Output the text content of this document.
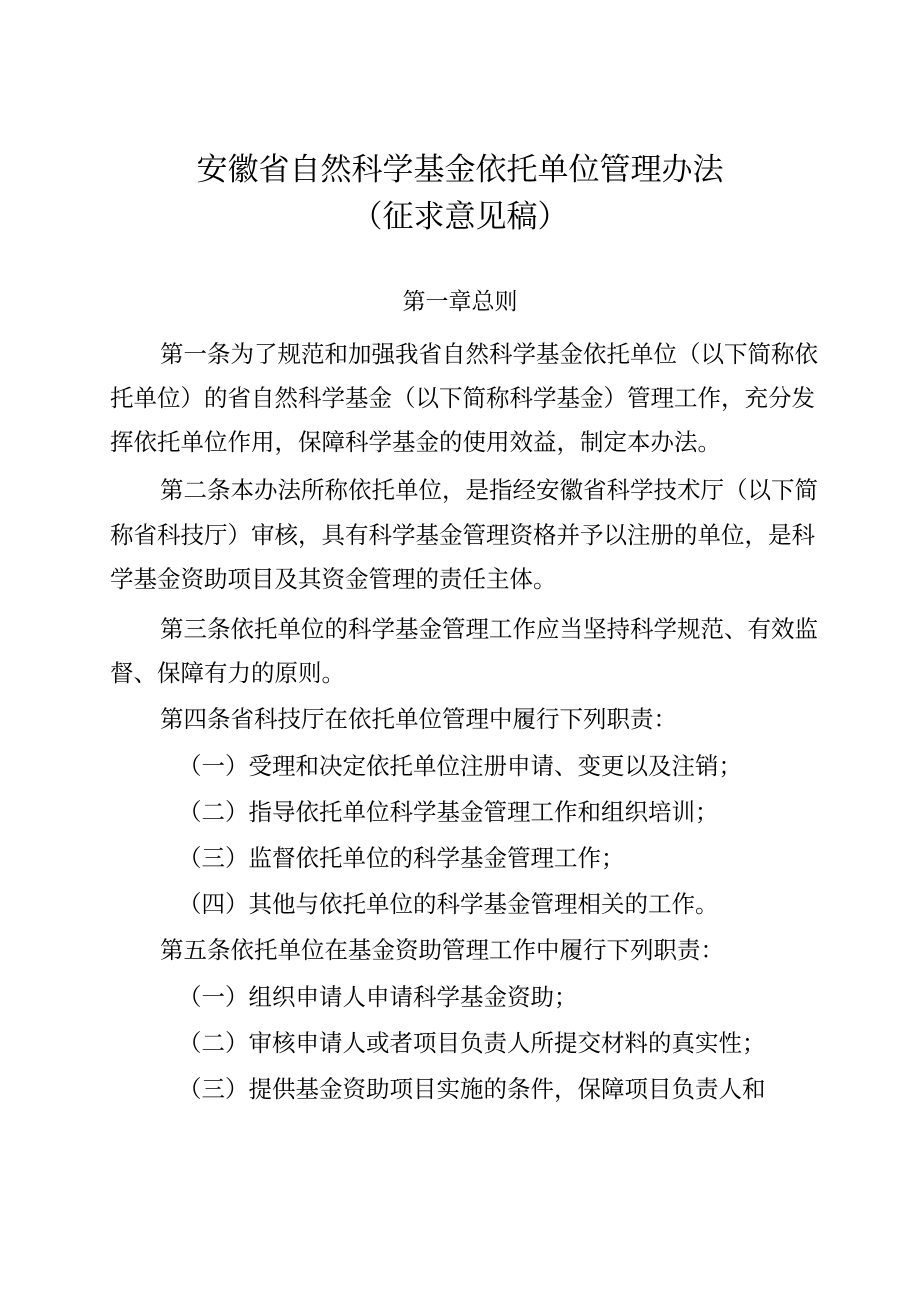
安徽省自然科学基金依托单位管理办法
（征求意见稿）
第一章总则
第一条为了规范和加强我省自然科学基金依托单位（以下简称依
托单位）的省自然科学基金（以下简称科学基金）管理工作，充分发
挥依托单位作用，保障科学基金的使用效益，制定本办法。
第二条本办法所称依托单位，是指经安徽省科学技术厅（以下简
称省科技厅）审核，具有科学基金管理资格并予以注册的单位，是科
学基金资助项目及其资金管理的责任主体。
第三条依托单位的科学基金管理工作应当坚持科学规范、有效监
督、保障有力的原则。
第四条省科技厅在依托单位管理中履行下列职责：
（一）受理和决定依托单位注册申请、变更以及注销；
（二）指导依托单位科学基金管理工作和组织培训；
（三）监督依托单位的科学基金管理工作；
（四）其他与依托单位的科学基金管理相关的工作。
第五条依托单位在基金资助管理工作中履行下列职责：
（一）组织申请人申请科学基金资助；
（二）审核申请人或者项目负责人所提交材料的真实性；
（三）提供基金资助项目实施的条件，保障项目负责人和
